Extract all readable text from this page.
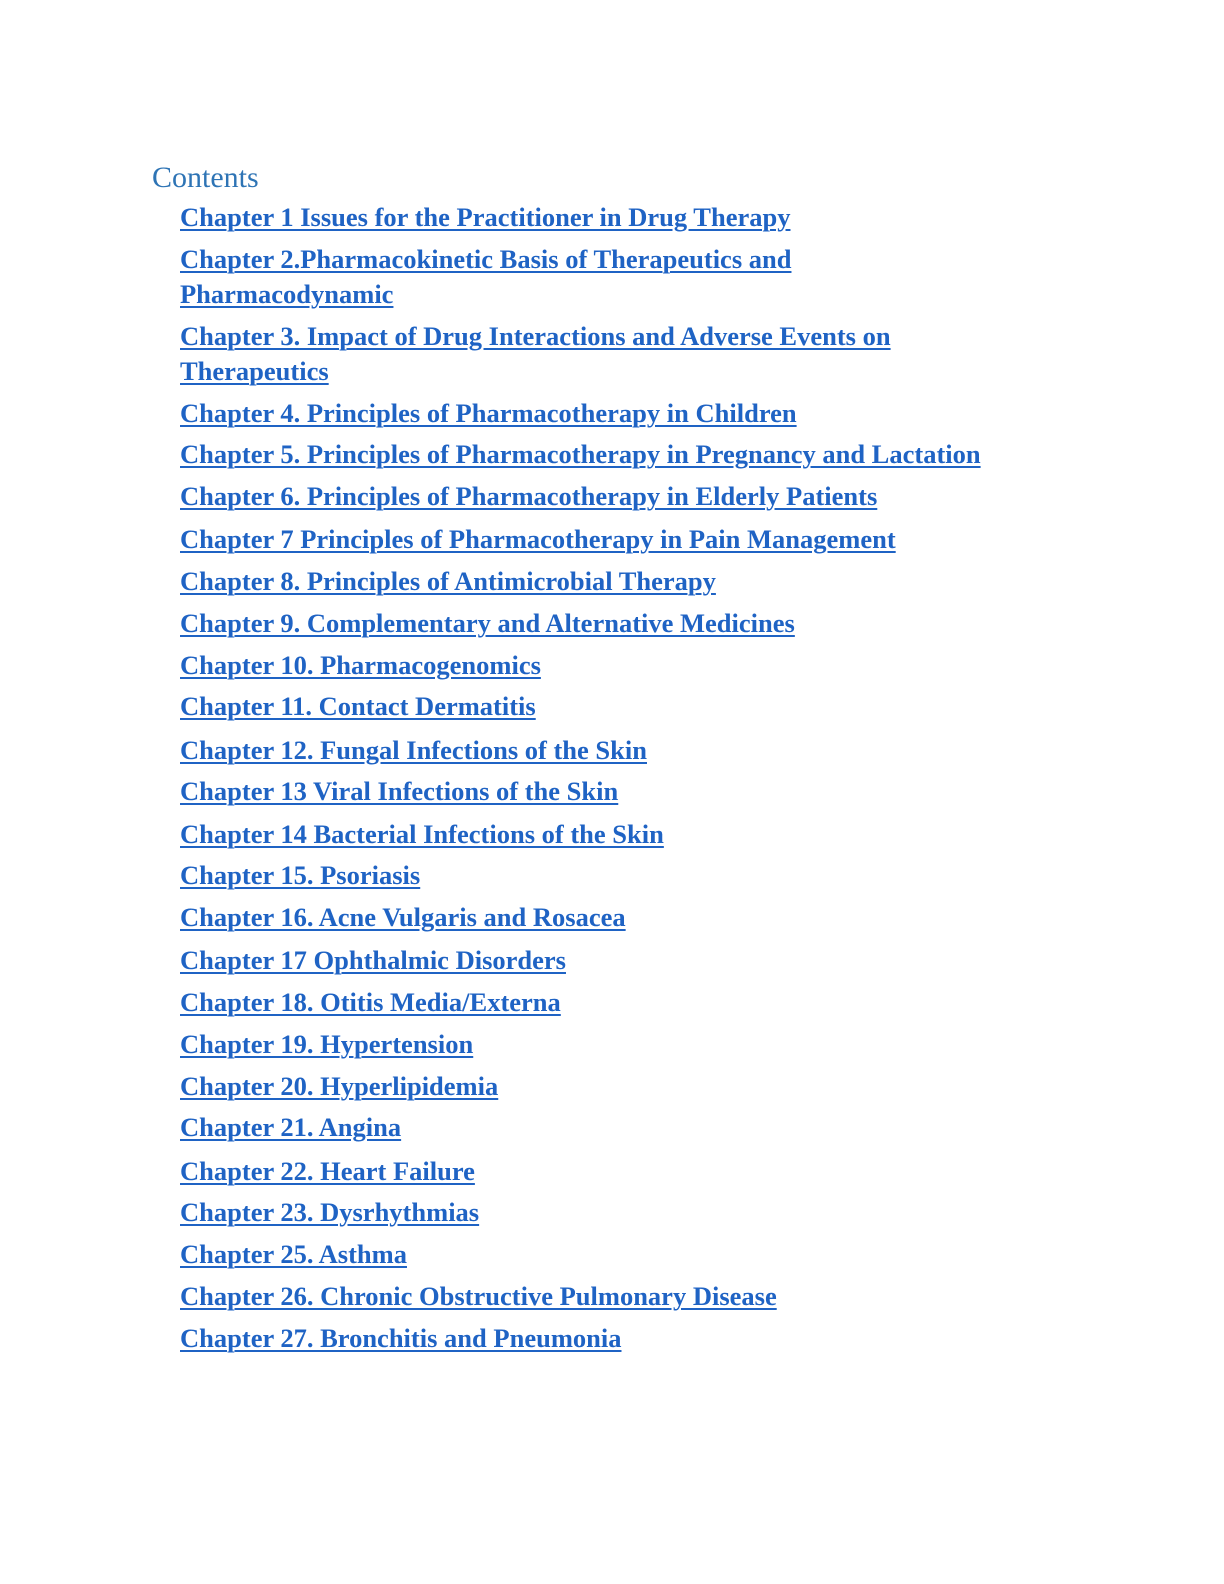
Contents
Chapter 1 Issues for the Practitioner in Drug Therapy
Chapter 2.Pharmacokinetic Basis of Therapeutics and Pharmacodynamic
Chapter 3. Impact of Drug Interactions and Adverse Events on Therapeutics
Chapter 4. Principles of Pharmacotherapy in Children
Chapter 5. Principles of Pharmacotherapy in Pregnancy and Lactation
Chapter 6. Principles of Pharmacotherapy in Elderly Patients
Chapter 7 Principles of Pharmacotherapy in Pain Management
Chapter 8. Principles of Antimicrobial Therapy
Chapter 9. Complementary and Alternative Medicines
Chapter 10. Pharmacogenomics
Chapter 11. Contact Dermatitis
Chapter 12. Fungal Infections of the Skin
Chapter 13 Viral Infections of the Skin
Chapter 14 Bacterial Infections of the Skin
Chapter 15. Psoriasis
Chapter 16. Acne Vulgaris and Rosacea
Chapter 17 Ophthalmic Disorders
Chapter 18. Otitis Media/Externa
Chapter 19. Hypertension
Chapter 20. Hyperlipidemia
Chapter 21. Angina
Chapter 22. Heart Failure
Chapter 23. Dysrhythmias
Chapter 25. Asthma
Chapter 26. Chronic Obstructive Pulmonary Disease
Chapter 27. Bronchitis and Pneumonia
